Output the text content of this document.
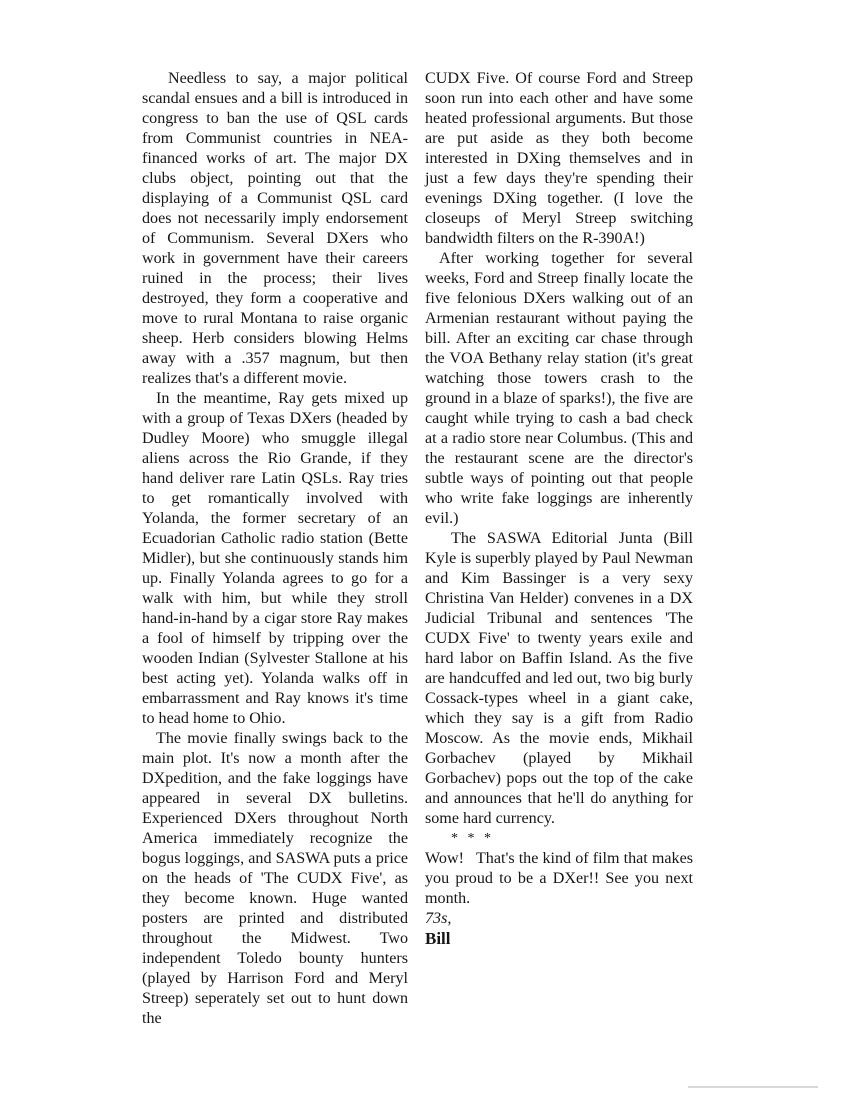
Needless to say, a major political scandal ensues and a bill is introduced in congress to ban the use of QSL cards from Communist countries in NEA-financed works of art. The major DX clubs object, pointing out that the displaying of a Communist QSL card does not necessarily imply endorsement of Communism. Several DXers who work in government have their careers ruined in the process; their lives destroyed, they form a cooperative and move to rural Montana to raise organic sheep. Herb considers blowing Helms away with a .357 magnum, but then realizes that's a different movie.

In the meantime, Ray gets mixed up with a group of Texas DXers (headed by Dudley Moore) who smuggle illegal aliens across the Rio Grande, if they hand deliver rare Latin QSLs. Ray tries to get romantically involved with Yolanda, the former secretary of an Ecuadorian Catholic radio station (Bette Midler), but she continuously stands him up. Finally Yolanda agrees to go for a walk with him, but while they stroll hand-in-hand by a cigar store Ray makes a fool of himself by tripping over the wooden Indian (Sylvester Stallone at his best acting yet). Yolanda walks off in embarrassment and Ray knows it's time to head home to Ohio.

The movie finally swings back to the main plot. It's now a month after the DXpedition, and the fake loggings have appeared in several DX bulletins. Experienced DXers throughout North America immediately recognize the bogus loggings, and SASWA puts a price on the heads of 'The CUDX Five', as they become known. Huge wanted posters are printed and distributed throughout the Midwest. Two independent Toledo bounty hunters (played by Harrison Ford and Meryl Streep) seperately set out to hunt down the

CUDX Five. Of course Ford and Streep soon run into each other and have some heated professional arguments. But those are put aside as they both become interested in DXing themselves and in just a few days they're spending their evenings DXing together. (I love the closeups of Meryl Streep switching bandwidth filters on the R-390A!)

After working together for several weeks, Ford and Streep finally locate the five felonious DXers walking out of an Armenian restaurant without paying the bill. After an exciting car chase through the VOA Bethany relay station (it's great watching those towers crash to the ground in a blaze of sparks!), the five are caught while trying to cash a bad check at a radio store near Columbus. (This and the restaurant scene are the director's subtle ways of pointing out that people who write fake loggings are inherently evil.)

The SASWA Editorial Junta (Bill Kyle is superbly played by Paul Newman and Kim Bassinger is a very sexy Christina Van Helder) convenes in a DX Judicial Tribunal and sentences 'The CUDX Five' to twenty years exile and hard labor on Baffin Island. As the five are handcuffed and led out, two big burly Cossack-types wheel in a giant cake, which they say is a gift from Radio Moscow. As the movie ends, Mikhail Gorbachev (played by Mikhail Gorbachev) pops out the top of the cake and announces that he'll do anything for some hard currency.

* * *

Wow!   That's the kind of film that makes you proud to be a DXer!! See you next month.

73s,

Bill
